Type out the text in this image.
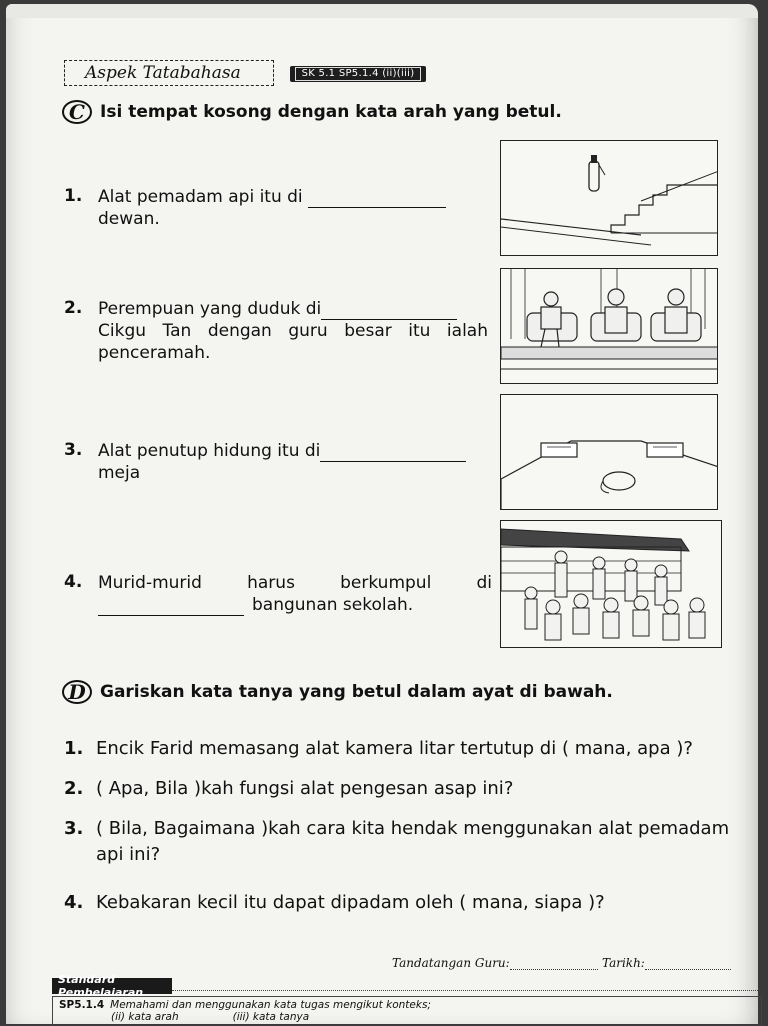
Aspek Tatabahasa	SK 5.1 SP5.1.4 (ii)(iii)
C Isi tempat kosong dengan kata arah yang betul.
1. Alat pemadam api itu di
dewan.
2. Perempuan yang duduk di
Cikgu Tan dengan guru besar itu ialah
penceramah.
3. Alat penutup hidung itu di
meja
4. Murid-murid	harus	berkumpul	di
bangunan sekolah.
D Gariskan kata tanya yang betul dalam ayat di bawah.
1. Encik Farid memasang alat kamera litar tertutup di ( mana, apa )?
2. ( Apa, Bila )kah fungsi alat pengesan asap ini?
3. ( Bila, Bagaimana )kah cara kita hendak menggunakan alat pemadam
api ini?
4. Kebakaran kecil itu dapat dipadam oleh ( mana, siapa )?
Tandatangan Guru:	Tarikh:
Standard Pembelajaran
SP5.1.4 Memahami dan menggunakan kata tugas mengikut konteks;
(ii) kata arah	(iii) kata tanya
